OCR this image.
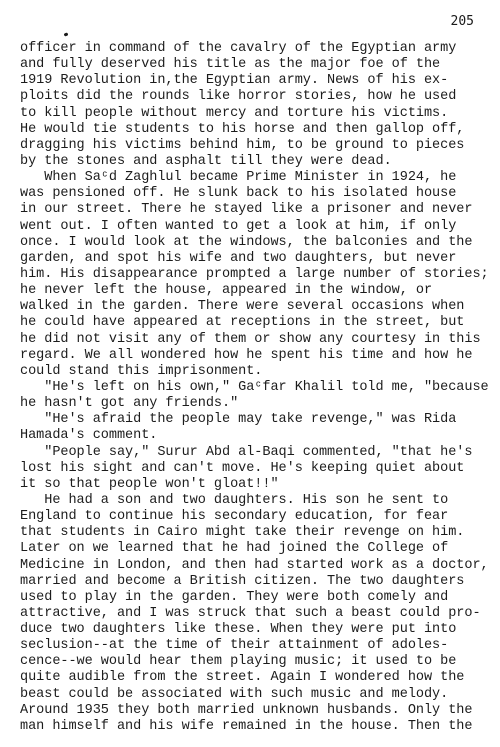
205
officer in command of the cavalry of the Egyptian army
and fully deserved his title as the major foe of the
1919 Revolution in,the Egyptian army. News of his ex-
ploits did the rounds like horror stories, how he used
to kill people without mercy and torture his victims.
He would tie students to his horse and then gallop off,
dragging his victims behind him, to be ground to pieces
by the stones and asphalt till they were dead.
When Saᶜd Zaghlul became Prime Minister in 1924, he
was pensioned off. He slunk back to his isolated house
in our street. There he stayed like a prisoner and never
went out. I often wanted to get a look at him, if only
once. I would look at the windows, the balconies and the
garden, and spot his wife and two daughters, but never
him. His disappearance prompted a large number of stories;
he never left the house, appeared in the window, or
walked in the garden. There were several occasions when
he could have appeared at receptions in the street, but
he did not visit any of them or show any courtesy in this
regard. We all wondered how he spent his time and how he
could stand this imprisonment.
"He's left on his own," Gaᶜfar Khalil told me, "because
he hasn't got any friends."
"He's afraid the people may take revenge," was Rida
Hamada's comment.
"People say," Surur Abd al-Baqi commented, "that he's
lost his sight and can't move. He's keeping quiet about
it so that people won't gloat!!"
He had a son and two daughters. His son he sent to
England to continue his secondary education, for fear
that students in Cairo might take their revenge on him.
Later on we learned that he had joined the College of
Medicine in London, and then had started work as a doctor,
married and become a British citizen. The two daughters
used to play in the garden. They were both comely and
attractive, and I was struck that such a beast could pro-
duce two daughters like these. When they were put into
seclusion--at the time of their attainment of adoles-
cence--we would hear them playing music; it used to be
quite audible from the street. Again I wondered how the
beast could be associated with such music and melody.
Around 1935 they both married unknown husbands. Only the
man himself and his wife remained in the house. Then the
